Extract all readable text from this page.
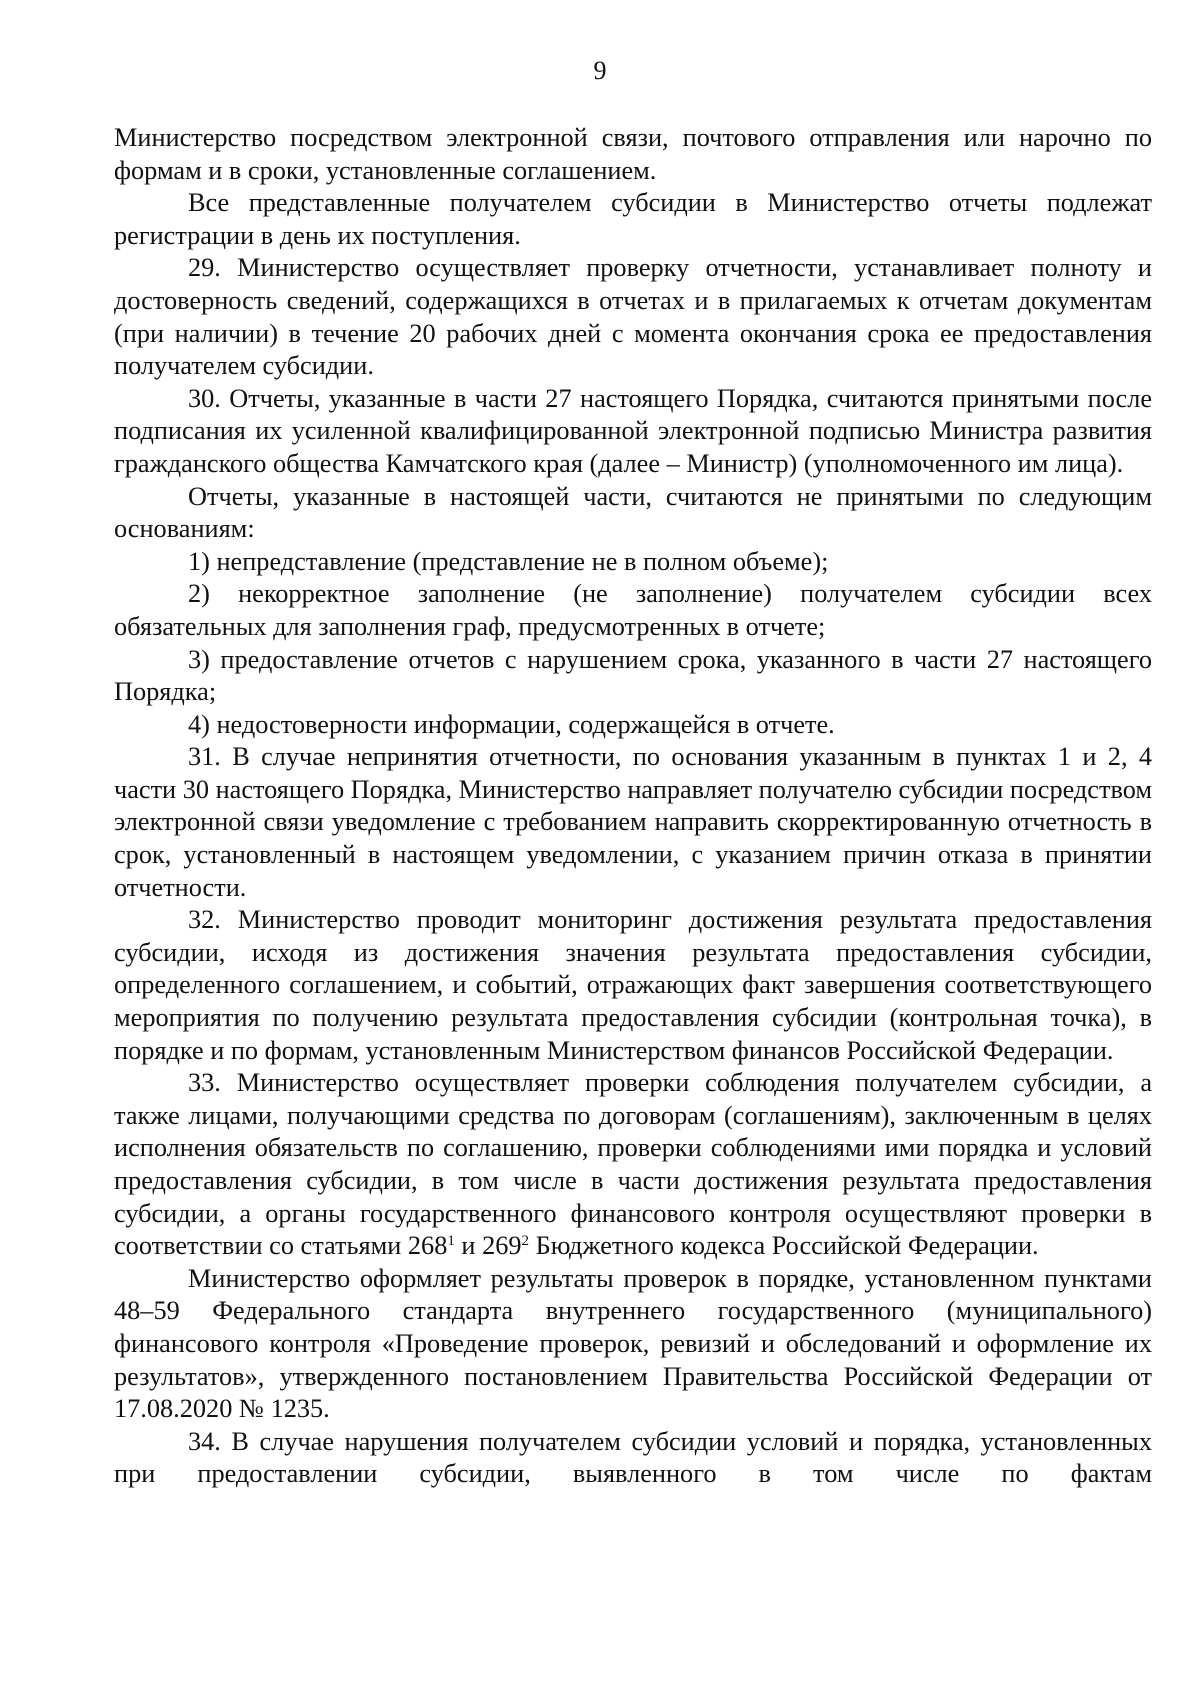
9

Министерство посредством электронной связи, почтового отправления или нарочно по формам и в сроки, установленные соглашением.

Все представленные получателем субсидии в Министерство отчеты подлежат регистрации в день их поступления.

29. Министерство осуществляет проверку отчетности, устанавливает полноту и достоверность сведений, содержащихся в отчетах и в прилагаемых к отчетам документам (при наличии) в течение 20 рабочих дней с момента окончания срока ее предоставления получателем субсидии.

30. Отчеты, указанные в части 27 настоящего Порядка, считаются принятыми после подписания их усиленной квалифицированной электронной подписью Министра развития гражданского общества Камчатского края (далее – Министр) (уполномоченного им лица).

Отчеты, указанные в настоящей части, считаются не принятыми по следующим основаниям:

1) непредставление (представление не в полном объеме);

2) некорректное заполнение (не заполнение) получателем субсидии всех обязательных для заполнения граф, предусмотренных в отчете;

3) предоставление отчетов с нарушением срока, указанного в части 27 настоящего Порядка;

4) недостоверности информации, содержащейся в отчете.

31. В случае непринятия отчетности, по основания указанным в пунктах 1 и 2, 4 части 30 настоящего Порядка, Министерство направляет получателю субсидии посредством электронной связи уведомление с требованием направить скорректированную отчетность в срок, установленный в настоящем уведомлении, с указанием причин отказа в принятии отчетности.

32. Министерство проводит мониторинг достижения результата предоставления субсидии, исходя из достижения значения результата предоставления субсидии, определенного соглашением, и событий, отражающих факт завершения соответствующего мероприятия по получению результата предоставления субсидии (контрольная точка), в порядке и по формам, установленным Министерством финансов Российской Федерации.

33. Министерство осуществляет проверки соблюдения получателем субсидии, а также лицами, получающими средства по договорам (соглашениям), заключенным в целях исполнения обязательств по соглашению, проверки соблюдениями ими порядка и условий предоставления субсидии, в том числе в части достижения результата предоставления субсидии, а органы государственного финансового контроля осуществляют проверки в соответствии со статьями $268^1$ и $269^2$ Бюджетного кодекса Российской Федерации.

Министерство оформляет результаты проверок в порядке, установленном пунктами 48–59 Федерального стандарта внутреннего государственного (муниципального) финансового контроля «Проведение проверок, ревизий и обследований и оформление их результатов», утвержденного постановлением Правительства Российской Федерации от 17.08.2020 № 1235.

34. В случае нарушения получателем субсидии условий и порядка, установленных при предоставлении субсидии, выявленного в том числе по фактам
